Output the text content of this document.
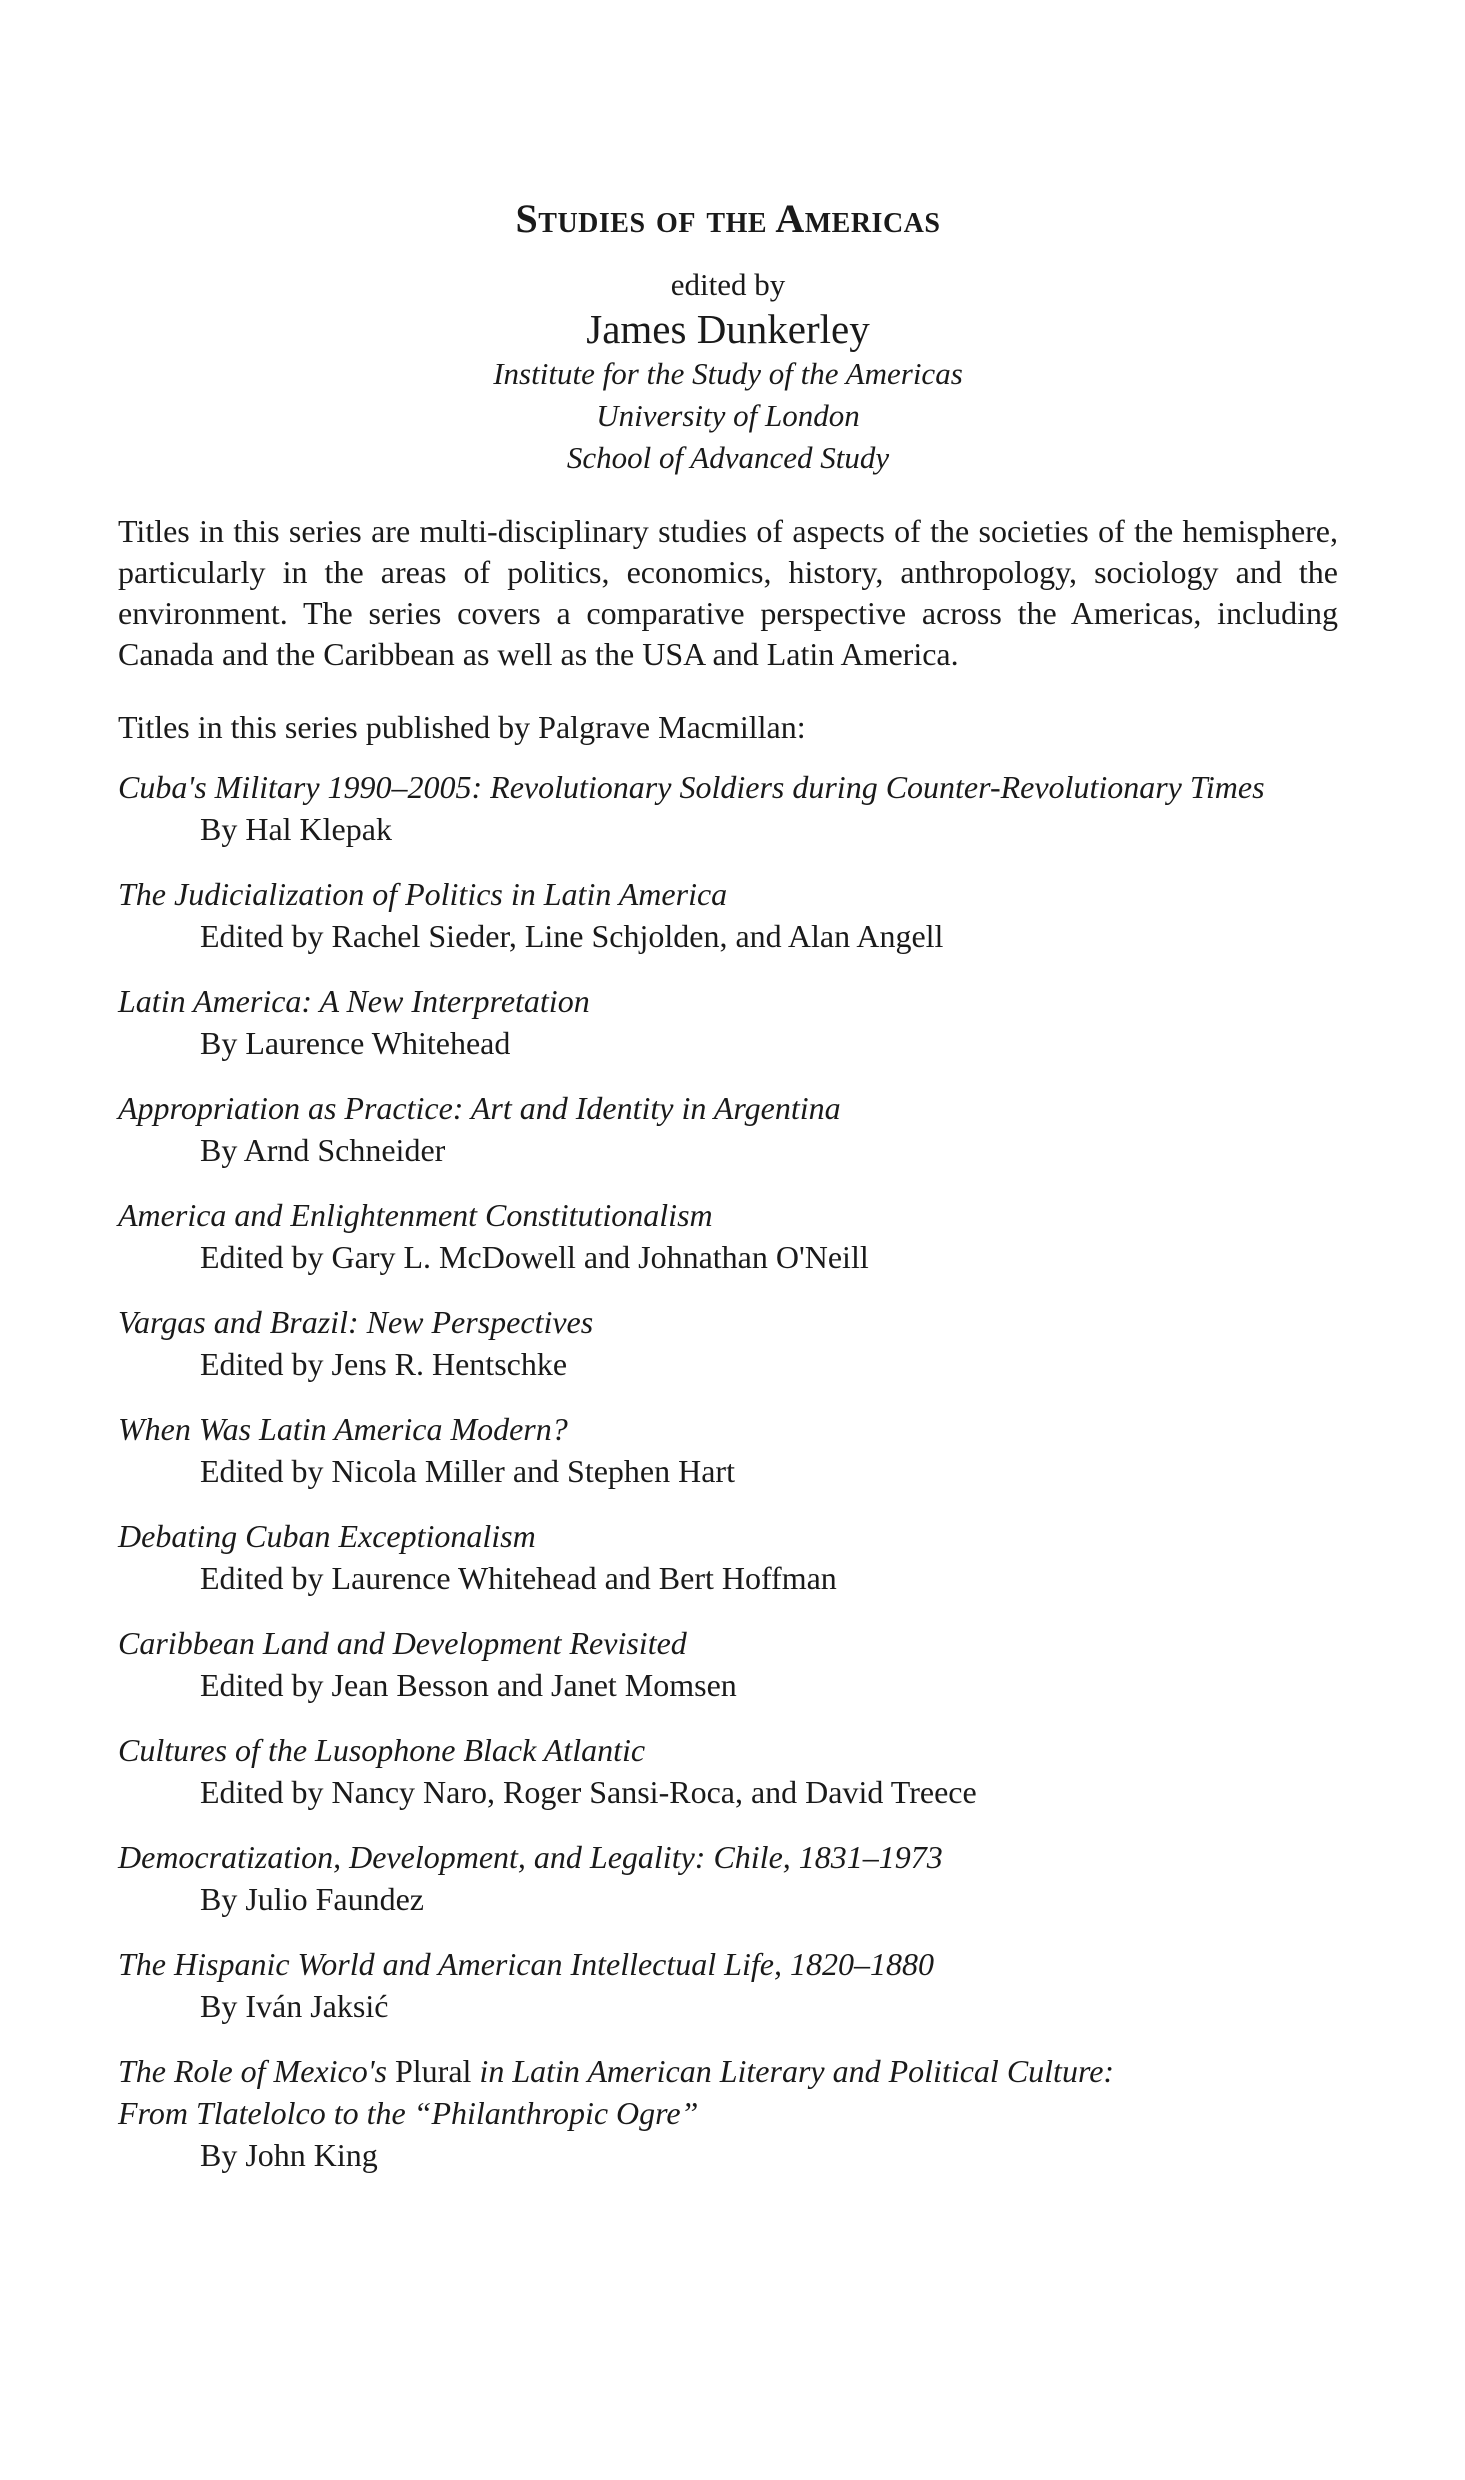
Studies of the Americas
edited by
James Dunkerley
Institute for the Study of the Americas
University of London
School of Advanced Study

Titles in this series are multi-disciplinary studies of aspects of the societies of the hemisphere, particularly in the areas of politics, economics, history, anthropology, sociology and the environment. The series covers a comparative perspective across the Americas, including Canada and the Caribbean as well as the USA and Latin America.

Titles in this series published by Palgrave Macmillan:
Cuba's Military 1990–2005: Revolutionary Soldiers during Counter-Revolutionary Times
By Hal Klepak
The Judicialization of Politics in Latin America
Edited by Rachel Sieder, Line Schjolden, and Alan Angell
Latin America: A New Interpretation
By Laurence Whitehead
Appropriation as Practice: Art and Identity in Argentina
By Arnd Schneider
America and Enlightenment Constitutionalism
Edited by Gary L. McDowell and Johnathan O'Neill
Vargas and Brazil: New Perspectives
Edited by Jens R. Hentschke
When Was Latin America Modern?
Edited by Nicola Miller and Stephen Hart
Debating Cuban Exceptionalism
Edited by Laurence Whitehead and Bert Hoffman
Caribbean Land and Development Revisited
Edited by Jean Besson and Janet Momsen
Cultures of the Lusophone Black Atlantic
Edited by Nancy Naro, Roger Sansi-Roca, and David Treece
Democratization, Development, and Legality: Chile, 1831–1973
By Julio Faundez
The Hispanic World and American Intellectual Life, 1820–1880
By Iván Jaksić
The Role of Mexico's Plural in Latin American Literary and Political Culture:
From Tlatelolco to the “Philanthropic Ogre”
By John King
